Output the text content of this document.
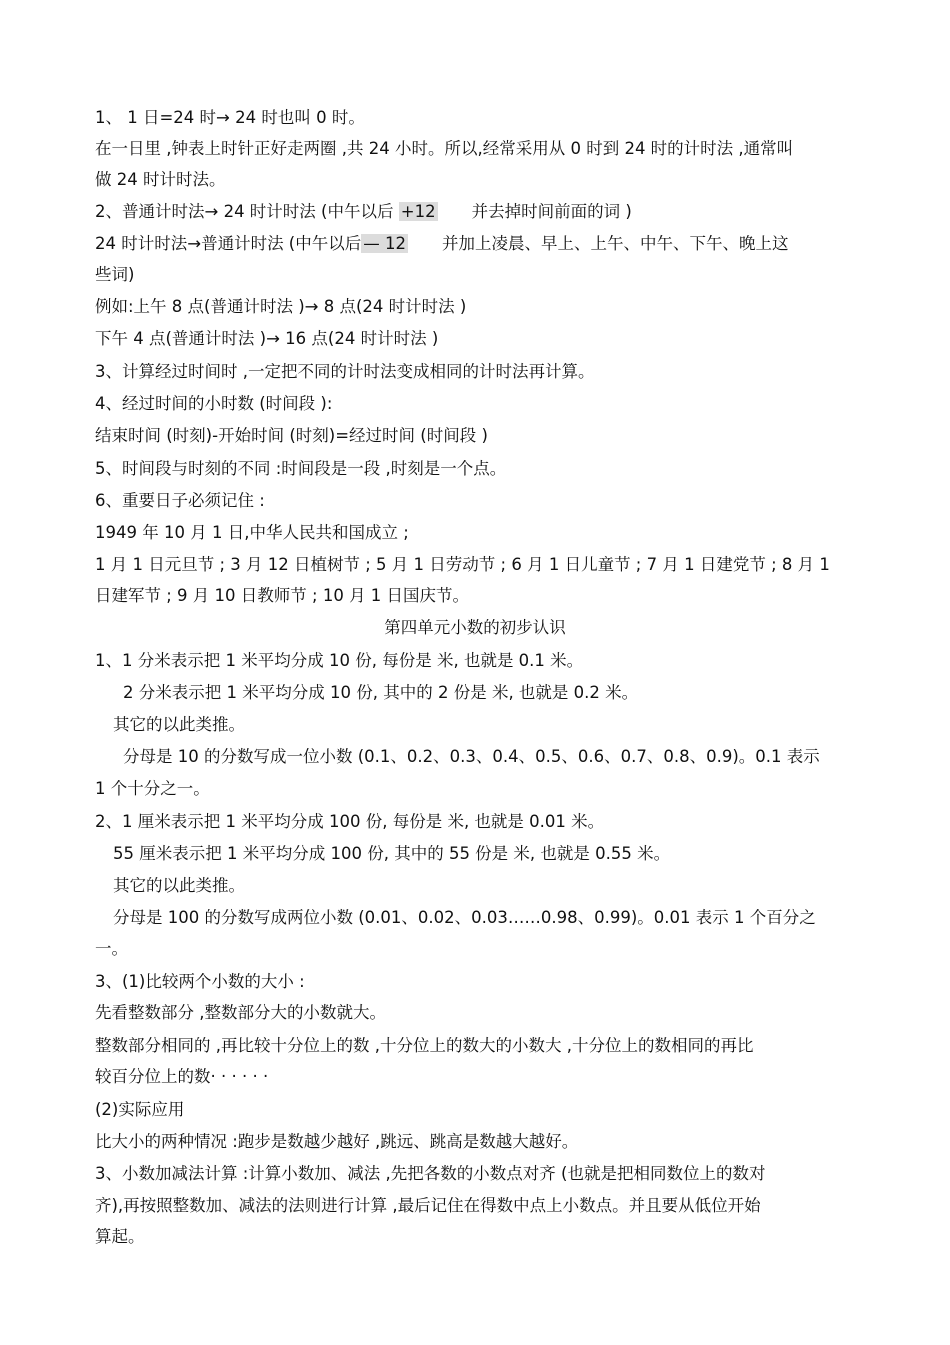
1、 1 日=24 时→ 24 时也叫 0 时。
在一日里 ,钟表上时针正好走两圈 ,共 24 小时。所以,经常采用从 0 时到 24 时的计时法 ,通常叫
做 24 时计时法。
2、普通计时法→ 24 时计时法 (中午以后 +12 并去掉时间前面的词 )
24 时计时法→普通计时法 (中午以后 — 12 并加上凌晨、早上、上午、中午、下午、晚上这
些词)
例如:上午 8 点(普通计时法 )→ 8 点(24 时计时法 )
下午 4 点(普通计时法 )→ 16 点(24 时计时法 )
3、计算经过时间时 ,一定把不同的计时法变成相同的计时法再计算。
4、经过时间的小时数 (时间段 ):
结束时间 (时刻)-开始时间 (时刻)=经过时间 (时间段 )
5、时间段与时刻的不同 :时间段是一段 ,时刻是一个点。
6、重要日子必须记住 :
1949 年 10 月 1 日,中华人民共和国成立 ;
1 月 1 日元旦节 ; 3 月 12 日植树节 ; 5 月 1 日劳动节 ; 6 月 1 日儿童节 ; 7 月 1 日建党节 ; 8 月 1
日建军节 ; 9 月 10 日教师节 ; 10 月 1 日国庆节。
第四单元小数的初步认识
1、1 分米表示把 1 米平均分成 10 份, 每份是 米, 也就是 0.1 米。
2 分米表示把 1 米平均分成 10 份, 其中的 2 份是 米, 也就是 0.2 米。
其它的以此类推。
分母是 10 的分数写成一位小数 (0.1、0.2、0.3、0.4、0.5、0.6、0.7、0.8、0.9)。0.1 表示
1 个十分之一。
2、1 厘米表示把 1 米平均分成 100 份, 每份是 米, 也就是 0.01 米。
55 厘米表示把 1 米平均分成 100 份, 其中的 55 份是 米, 也就是 0.55 米。
其它的以此类推。
分母是 100 的分数写成两位小数 (0.01、0.02、0.03……0.98、0.99)。0.01 表示 1 个百分之
一。
3、(1)比较两个小数的大小 :
先看整数部分 ,整数部分大的小数就大。
整数部分相同的 ,再比较十分位上的数 ,十分位上的数大的小数大 ,十分位上的数相同的再比
较百分位上的数· · · · · ·
(2)实际应用
比大小的两种情况 :跑步是数越少越好 ,跳远、跳高是数越大越好。
3、小数加减法计算 :计算小数加、减法 ,先把各数的小数点对齐 (也就是把相同数位上的数对
齐),再按照整数加、减法的法则进行计算 ,最后记住在得数中点上小数点。并且要从低位开始
算起。
